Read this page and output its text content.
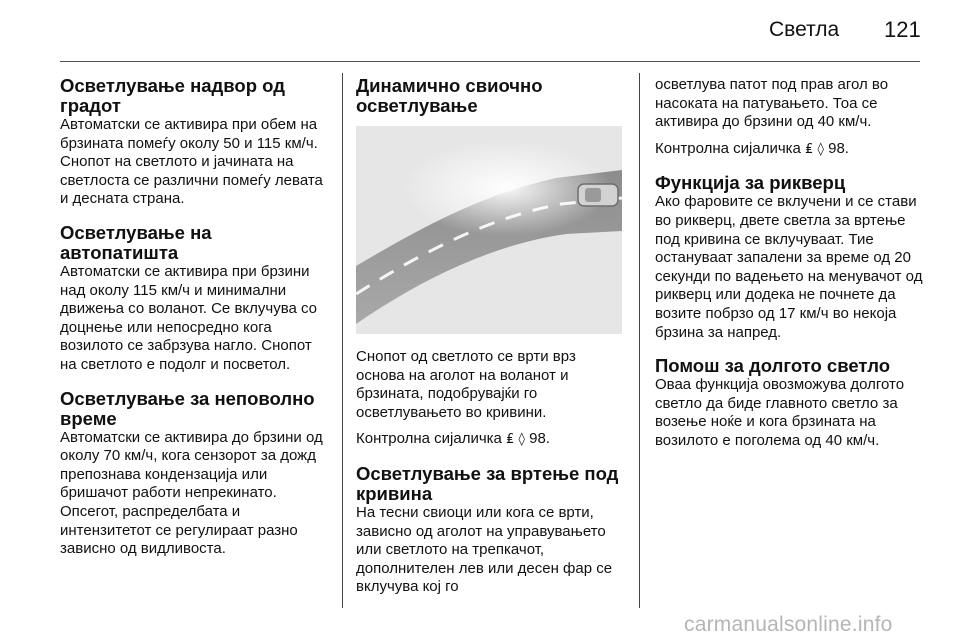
Светла 121
Осветлување надвор од градот

Автоматски се активира при обем на брзината помеѓу околу 50 и 115 км/ч. Снопот на светлото и јачината на светлоста се различни помеѓу левата и десната страна.

Осветлување на автопатишта

Автоматски се активира при брзини над околу 115 км/ч и минимални движења со воланот. Се вклучува со доцнење или непосредно кога возилото се забрзува нагло. Снопот на светлото е подолг и посветол.

Осветлување за неповолно време

Автоматски се активира до брзини од околу 70 км/ч, кога сензорот за дожд препознава кондензација или бришачот работи непрекинато. Опсегот, распределбата и интензитетот се регулираат разно зависно од видливоста.

Динамично свиочно осветлување

Снопот од светлото се врти врз основа на аголот на воланот и брзината, подобрувајќи го осветлувањето во кривини.

Контролна сијаличка ₤ ◊ 98.

Осветлување за вртење под кривина

На тесни свиоци или кога се врти, зависно од аголот на управувањето или светлото на трепкачот, дополнителен лев или десен фар се вклучува кој го

осветлува патот под прав агол во насоката на патувањето. Тоа се активира до брзини од 40 км/ч.

Контролна сијаличка ₤ ◊ 98.

Функција за рикверц

Ако фаровите се вклучени и се стави во рикверц, двете светла за вртење под кривина се вклучуваат. Тие остануваат запалени за време од 20 секунди по вадењето на менувачот од рикверц или додека не почнете да возите побрзо од 17 км/ч во некоја брзина за напред.

Помош за долгото светло

Оваа функција овозможува долгото светло да биде главното светло за возење ноќе и кога брзината на возилото е поголема од 40 км/ч.

carmanualsonline.info
